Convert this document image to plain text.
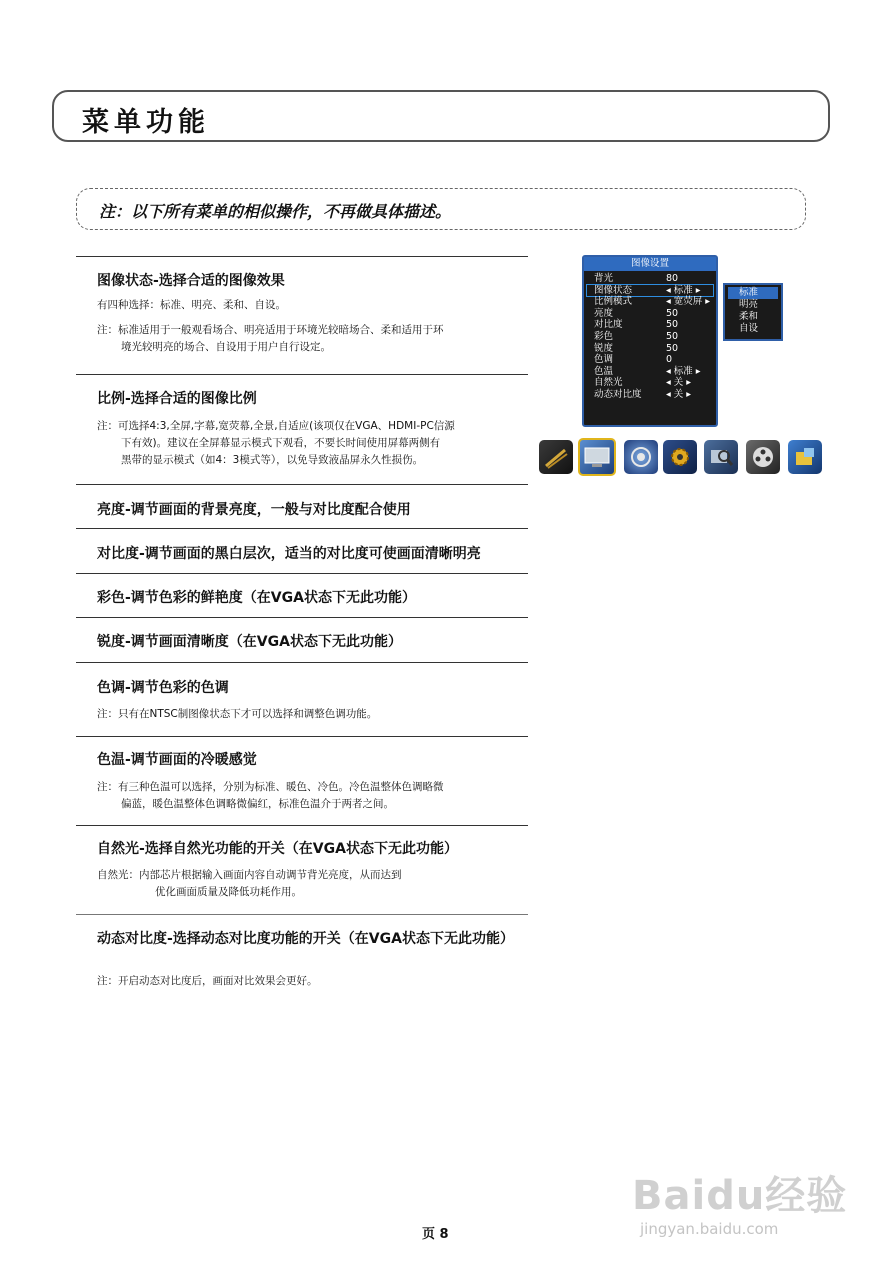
菜单功能
注：以下所有菜单的相似操作，不再做具体描述。
图像状态-选择合适的图像效果
有四种选择：标准、明亮、柔和、自设。
注：标准适用于一般观看场合、明亮适用于环境光较暗场合、柔和适用于环
境光较明亮的场合、自设用于用户自行设定。
比例-选择合适的图像比例
注：可选择4:3,全屏,字幕,宽荧幕,全景,自适应(该项仅在VGA、HDMI-PC信源
下有效)。建议在全屏幕显示模式下观看，不要长时间使用屏幕两侧有
黑带的显示模式（如4：3模式等），以免导致液晶屏永久性损伤。
亮度-调节画面的背景亮度，一般与对比度配合使用
对比度-调节画面的黑白层次，适当的对比度可使画面清晰明亮
彩色-调节色彩的鲜艳度（在VGA状态下无此功能）
锐度-调节画面清晰度（在VGA状态下无此功能）
色调-调节色彩的色调
注：只有在NTSC制图像状态下才可以选择和调整色调功能。
色温-调节画面的冷暖感觉
注：有三种色温可以选择，分别为标准、暖色、冷色。冷色温整体色调略微
偏蓝，暖色温整体色调略微偏红，标准色温介于两者之间。
自然光-选择自然光功能的开关（在VGA状态下无此功能）
自然光：内部芯片根据输入画面内容自动调节背光亮度，从而达到
优化画面质量及降低功耗作用。
动态对比度-选择动态对比度功能的开关（在VGA状态下无此功能）
注：开启动态对比度后，画面对比效果会更好。
图像设置
背光	80
图像状态	◂ 标准 ▸
比例模式	◂ 宽荧屏 ▸
亮度	50
对比度	50
彩色	50
锐度	50
色调	0
色温	◂ 标准 ▸
自然光	◂ 关 ▸
动态对比度	◂ 关 ▸
标准
明亮
柔和
自设
页 8
Baidu经验
jingyan.baidu.com
